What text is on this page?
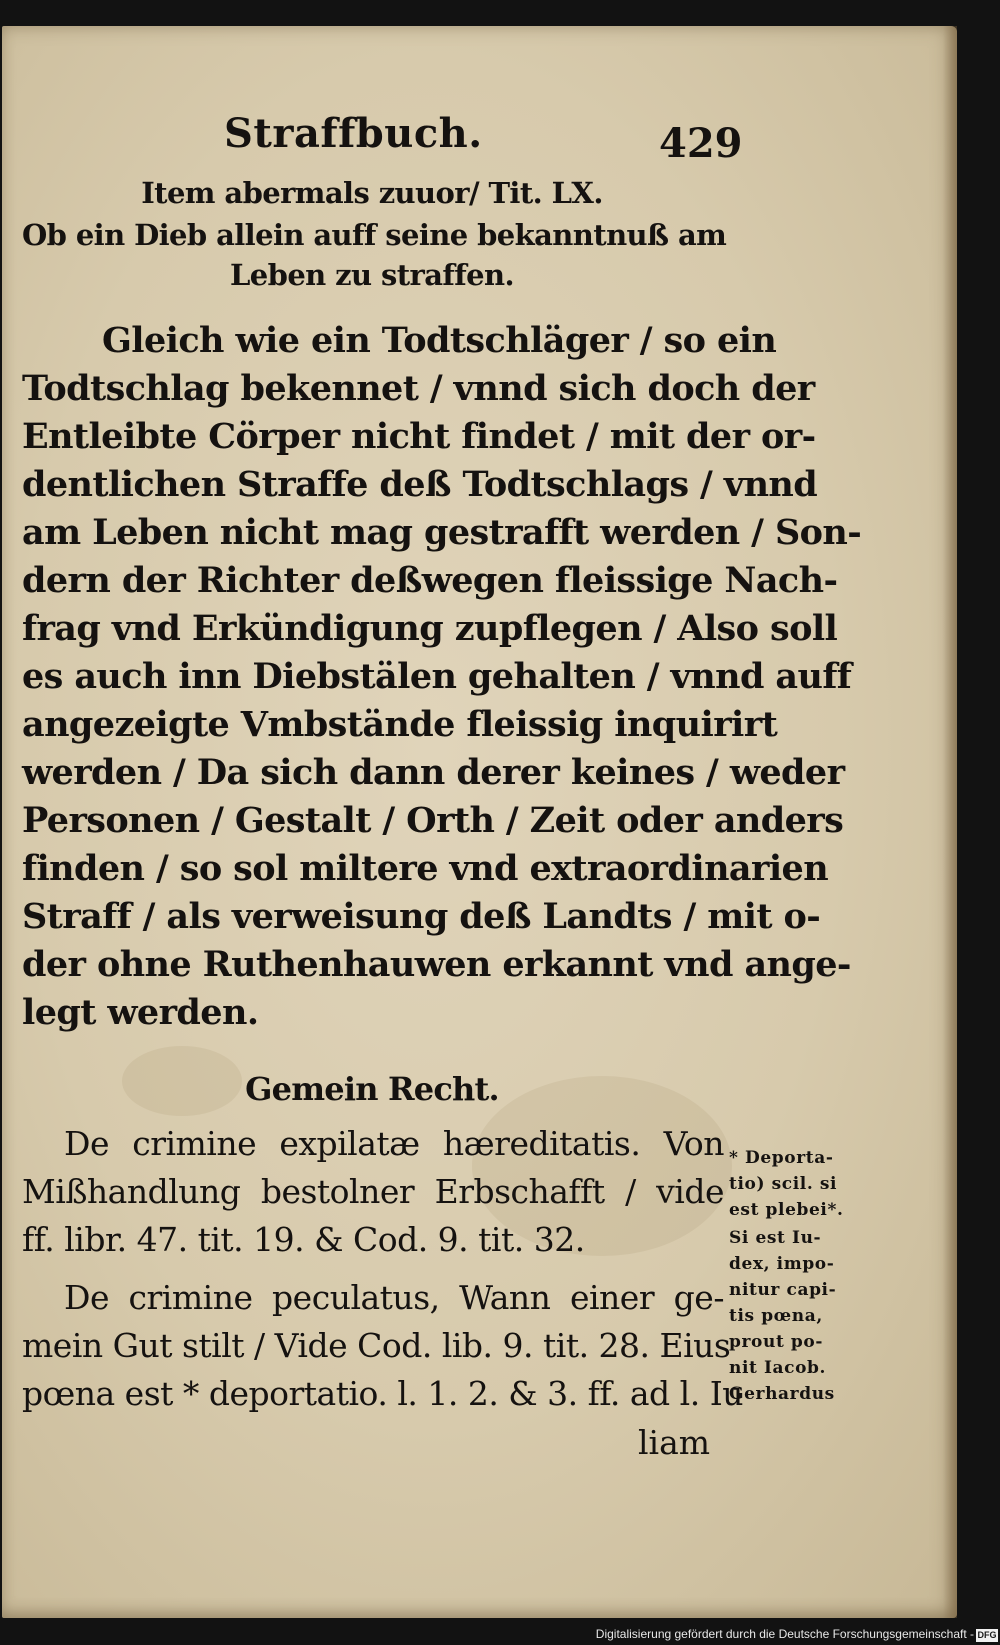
Straffbuch.	429
Item abermals zuuor/ Tit. LX.
Ob ein Dieb allein auff seine bekanntnuß am
Leben zu straffen.
Gleich wie ein Todtschläger / so ein
Todtschlag bekennet / vnnd sich doch der
Entleibte Cörper nicht findet / mit der or-
dentlichen Straffe deß Todtschlags / vnnd
am Leben nicht mag gestrafft werden / Son-
dern der Richter deßwegen fleissige Nach-
frag vnd Erkündigung zupflegen / Also soll
es auch inn Diebstälen gehalten / vnnd auff
angezeigte Vmbstände fleissig inquirirt
werden / Da sich dann derer keines / weder
Personen / Gestalt / Orth / Zeit oder anders
finden / so sol miltere vnd extraordinarien
Straff / als verweisung deß Landts / mit o-
der ohne Ruthenhauwen erkannt vnd ange-
legt werden.
Gemein Recht.
De crimine expilatæ hæreditatis. Von
Mißhandlung bestolner Erbschafft / vide
ff. libr. 47. tit. 19. & Cod. 9. tit. 32.
De crimine peculatus, Wann einer ge-
mein Gut stilt / Vide Cod. lib. 9. tit. 28. Eius
pœna est * deportatio. l. 1. 2. & 3. ff. ad l. Iu
liam
* Deporta-
tio) scil. si
est plebei*.
Si est Iu-
dex, impo-
nitur capi-
tis pœna,
prout po-
nit Iacob.
Gerhardus
Digitalisierung gefördert durch die Deutsche Forschungsgemeinschaft - DFG
